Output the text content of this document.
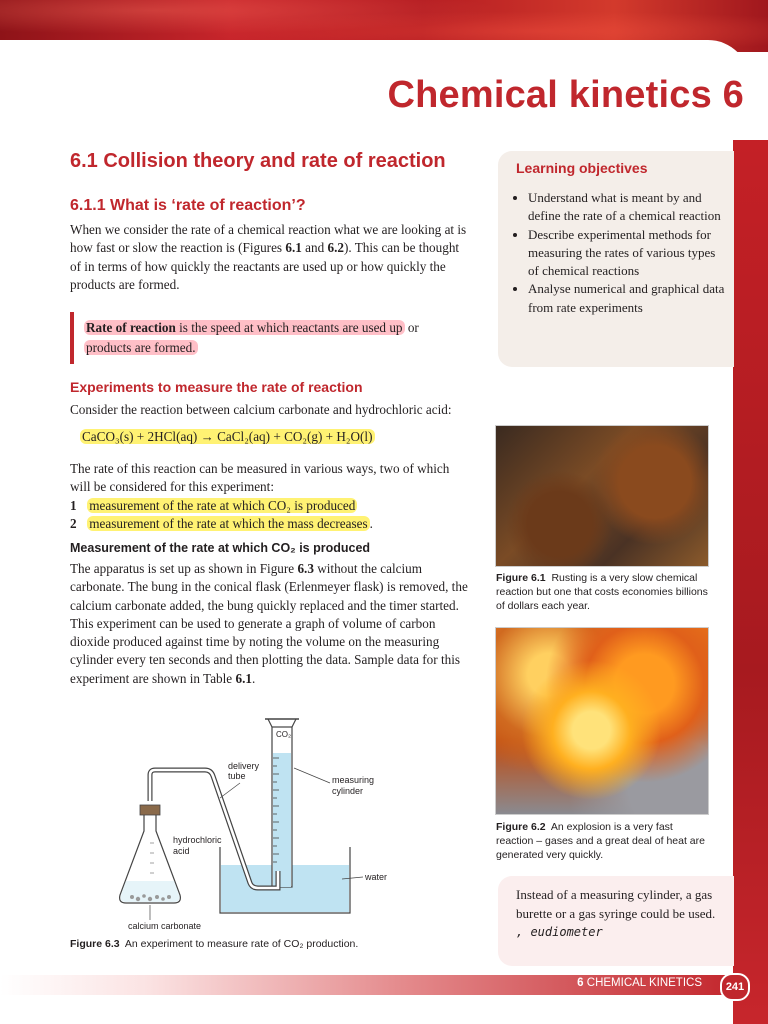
Chemical kinetics 6
6.1 Collision theory and rate of reaction
6.1.1 What is ‘rate of reaction’?

When we consider the rate of a chemical reaction what we are looking at is how fast or slow the reaction is (Figures 6.1 and 6.2). This can be thought of in terms of how quickly the reactants are used up or how quickly the products are formed.

Rate of reaction is the speed at which reactants are used up or
products are formed.
Experiments to measure the rate of reaction

Consider the reaction between calcium carbonate and hydrochloric acid:

CaCO₃(s) + 2HCl(aq) → CaCl₂(aq) + CO₂(g) + H₂O(l)

The rate of this reaction can be measured in various ways, two of which will be considered for this experiment:

1 measurement of the rate at which CO₂ is produced
2 measurement of the rate at which the mass decreases .
Measurement of the rate at which CO₂ is produced

The apparatus is set up as shown in Figure 6.3 without the calcium carbonate. The bung in the conical flask (Erlenmeyer flask) is removed, the calcium carbonate added, the bung quickly replaced and the timer started. This experiment can be used to generate a graph of volume of carbon dioxide produced against time by noting the volume on the measuring cylinder every ten seconds and then plotting the data. Sample data for this experiment are shown in Table 6.1.

CO₂
delivery
tube	measuring
cylinder
hydrochloric
acid
water
calcium carbonate
Figure 6.3 An experiment to measure rate of CO₂ production.
Learning objectives
• Understand what is meant by and define the rate of a chemical reaction
• Describe experimental methods for measuring the rates of various types of chemical reactions
• Analyse numerical and graphical data from rate experiments
Figure 6.1 Rusting is a very slow chemical reaction but one that costs economies billions of dollars each year.
Figure 6.2 An explosion is a very fast reaction – gases and a great deal of heat are generated very quickly.
Instead of a measuring cylinder, a gas burette or a gas syringe could be used. , eudiometer
6 CHEMICAL KINETICS	241
